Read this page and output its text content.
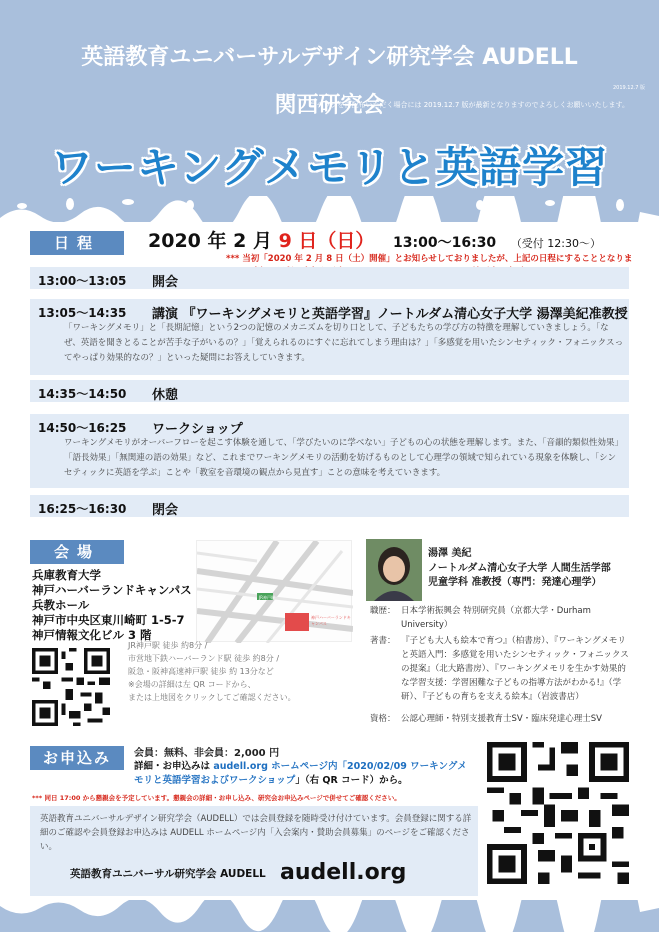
英語教育ユニバーサルデザイン研究学会 AUDELL
2019.12.7 版
関西研究会
当チラシを再配布いただく場合には 2019.12.7 版が最新となりますのでよろしくお願いいたします。
ワーキングメモリと英語学習
日程	2020 年 2 月 9 日（日） 13:00〜16:30 （受付 12:30〜）
*** 当初「2020 年 2 月 8 日（土）開催」とお知らせしておりましたが、上記の日程にすることとなりま
13:00〜13:05 開会
13:05〜14:35 講演 『ワーキングメモリと英語学習』ノートルダム清心女子大学 湯澤美紀准教授
「ワーキングメモリ」と「長期記憶」という2つの記憶のメカニズムを切り口として、子どもたちの学び方の特徴を理解していきましょう。「なぜ、英語を聞きとることが苦手な子がいるの？」「覚えられるのにすぐに忘れてしまう理由は？」「多感覚を用いたシンセティック・フォニックスってやっぱり効果的なの？」といった疑問にお答えしていきます。
14:35〜14:50 休憩
14:50〜16:25 ワークショップ
ワーキングメモリがオーバーフローを起こす体験を通して、「学びたいのに学べない」子どもの心の状態を理解します。また、「音韻的類似性効果」「語長効果」「無関連の語の効果」など、これまでワーキングメモリの活動を妨げるものとして心理学の領域で知られている現象を体験し、「シンセティックに英語を学ぶ」ことや「教室を音環境の観点から見直す」ことの意味を考えていきます。
16:25〜16:30 閉会
会場
兵庫教育大学
神戸ハーバーランドキャンパス
兵教ホール
神戸市中央区東川崎町 1-5-7
神戸情報文化ビル 3 階
JR神戸駅
神戸ハーバーランドキャンパス
JR神戸駅 徒歩 約8分 /
市営地下鉄ハーバーランド駅 徒歩 約8分 /
阪急・阪神高速神戸駅 徒歩 約 13分など
※会場の詳細は左 QR コードから、
または上地図をクリックしてご確認ください。
湯澤 美紀
ノートルダム清心女子大学 人間生活学部
児童学科 准教授（専門：発達心理学）
職歴： 日本学術振興会 特別研究員（京都大学・Durham University）
著書： 『子ども大人も絵本で育つ』（柏書房）、『ワーキングメモリと英語入門：多感覚を用いたシンセティック・フォニックスの提案』（北大路書房）、『ワーキングメモリを生かす効果的な学習支援：学習困難な子どもの指導方法がわかる!』（学研）、『子どもの育ちを支える絵本』（岩波書店）
資格： 公認心理師・特別支援教育士SV・臨床発達心理士SV
お申込み	会員：無料、非会員：2,000 円
詳細・お申込みは audell.org ホームページ内「2020/02/09 ワーキングメモリと英語学習およびワークショップ」（右 QR コード）から。
*** 同日 17:00 から懇親会を予定しています。懇親会の詳細・お申し込み、研究会お申込みページで併せてご確認ください。
英語教育ユニバーサルデザイン研究学会（AUDELL）では会員登録を随時受け付けています。会員登録に関する詳細のご確認や会員登録お申込みは AUDELL ホームページ内「入会案内・賛助会員募集」のページをご確認ください。
英語教育ユニバーサル研究学会 AUDELL audell.org
